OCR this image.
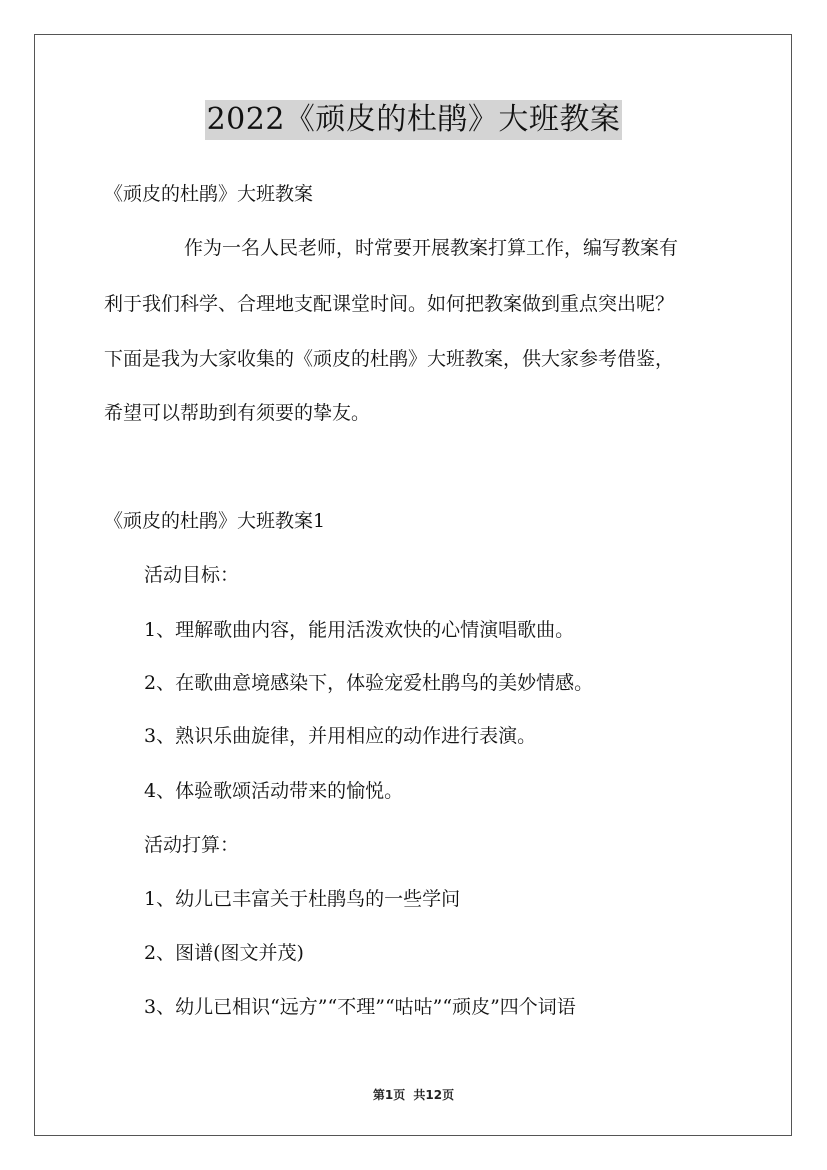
2022《顽皮的杜鹃》大班教案
《顽皮的杜鹃》大班教案
作为一名人民老师，时常要开展教案打算工作，编写教案有
利于我们科学、合理地支配课堂时间。如何把教案做到重点突出呢？
下面是我为大家收集的《顽皮的杜鹃》大班教案，供大家参考借鉴，
希望可以帮助到有须要的挚友。
《顽皮的杜鹃》大班教案1
活动目标：
1、理解歌曲内容，能用活泼欢快的心情演唱歌曲。
2、在歌曲意境感染下，体验宠爱杜鹃鸟的美妙情感。
3、熟识乐曲旋律，并用相应的动作进行表演。
4、体验歌颂活动带来的愉悦。
活动打算：
1、幼儿已丰富关于杜鹃鸟的一些学问
2、图谱(图文并茂)
3、幼儿已相识“远方”“不理”“咕咕”“顽皮”四个词语
第1页 共12页
